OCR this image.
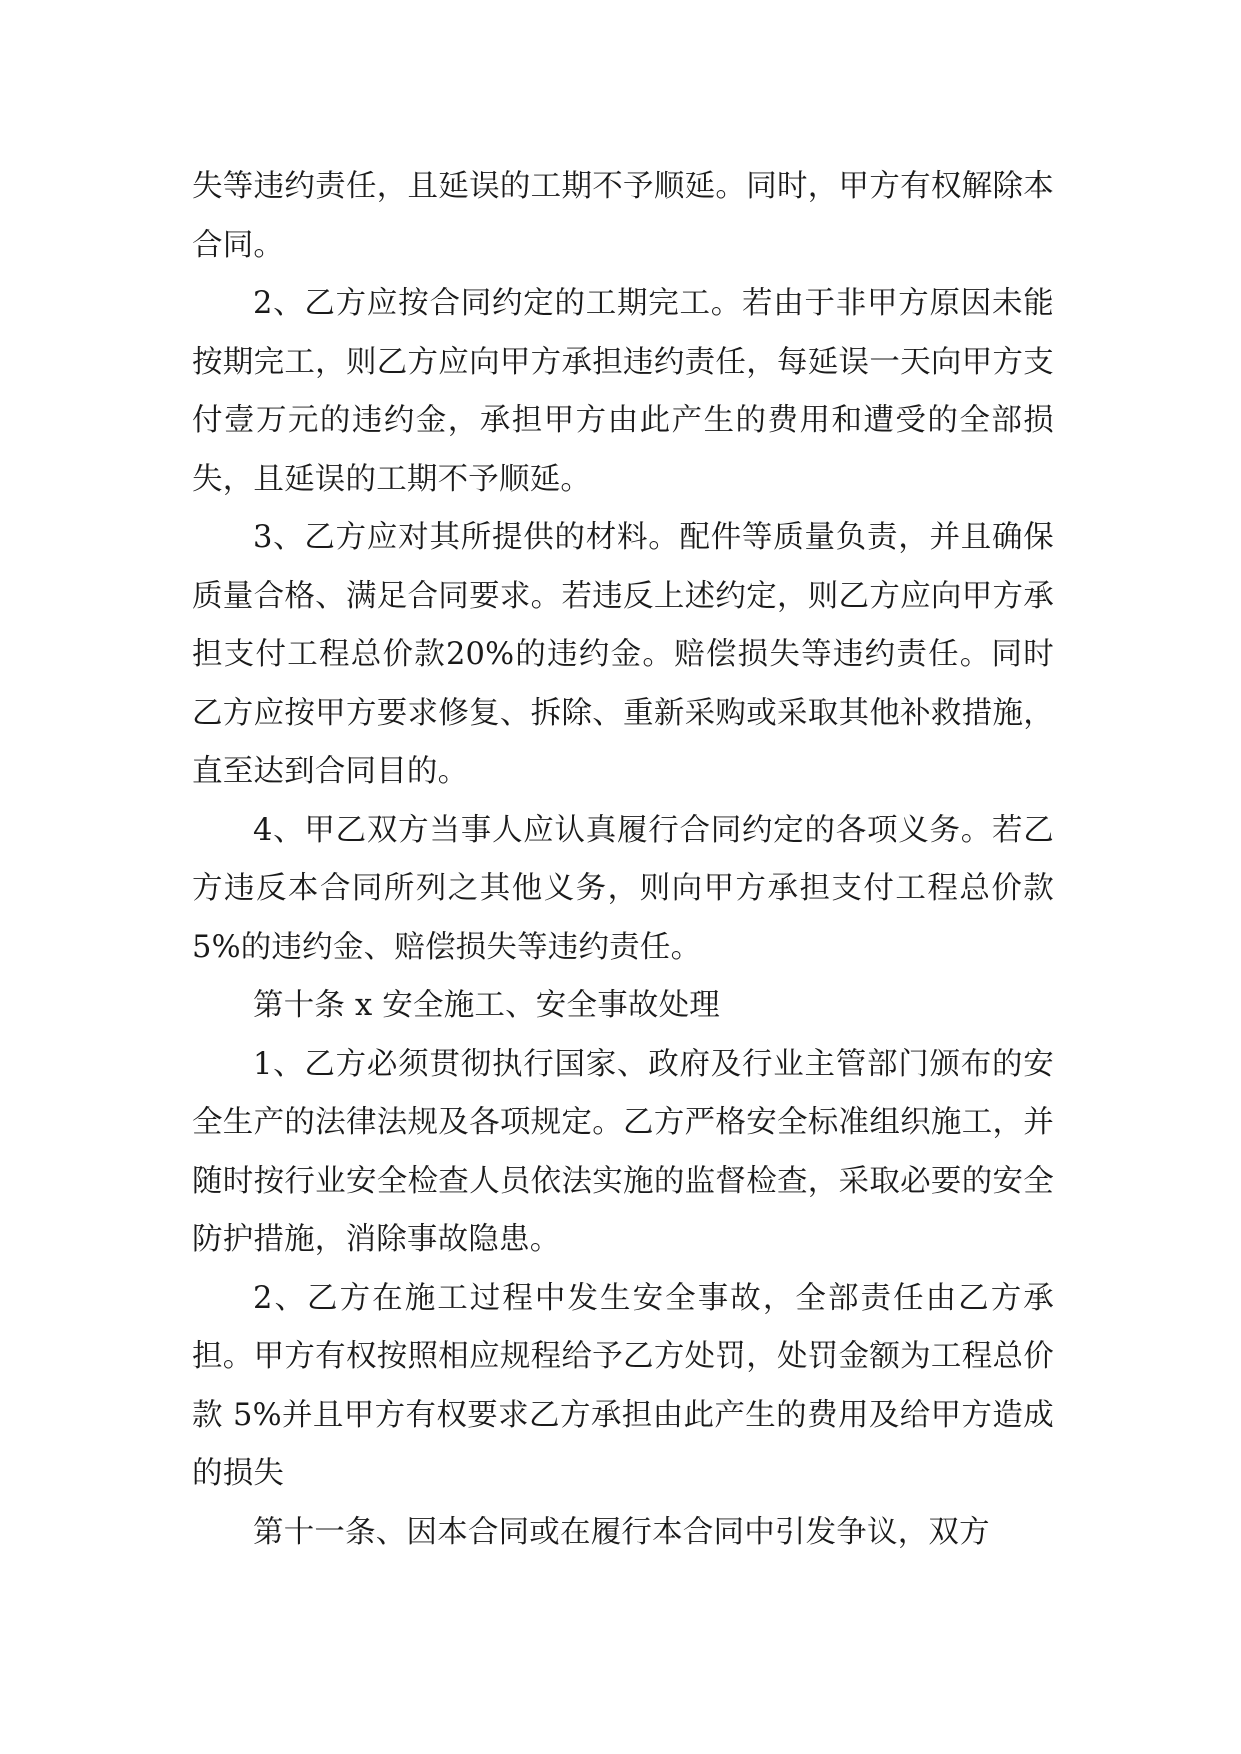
失等违约责任，且延误的工期不予顺延。同时，甲方有权解除本合同。

2、乙方应按合同约定的工期完工。若由于非甲方原因未能按期完工，则乙方应向甲方承担违约责任，每延误一天向甲方支付壹万元的违约金，承担甲方由此产生的费用和遭受的全部损失，且延误的工期不予顺延。

3、乙方应对其所提供的材料。配件等质量负责，并且确保质量合格、满足合同要求。若违反上述约定，则乙方应向甲方承担支付工程总价款20%的违约金。赔偿损失等违约责任。同时乙方应按甲方要求修复、拆除、重新采购或采取其他补救措施，直至达到合同目的。

4、甲乙双方当事人应认真履行合同约定的各项义务。若乙方违反本合同所列之其他义务，则向甲方承担支付工程总价款 5%的违约金、赔偿损失等违约责任。

第十条 x 安全施工、安全事故处理

1、乙方必须贯彻执行国家、政府及行业主管部门颁布的安全生产的法律法规及各项规定。乙方严格安全标准组织施工，并随时按行业安全检查人员依法实施的监督检查，采取必要的安全防护措施，消除事故隐患。

2、乙方在施工过程中发生安全事故，全部责任由乙方承担。甲方有权按照相应规程给予乙方处罚，处罚金额为工程总价款 5%并且甲方有权要求乙方承担由此产生的费用及给甲方造成的损失

第十一条、因本合同或在履行本合同中引发争议，双方
